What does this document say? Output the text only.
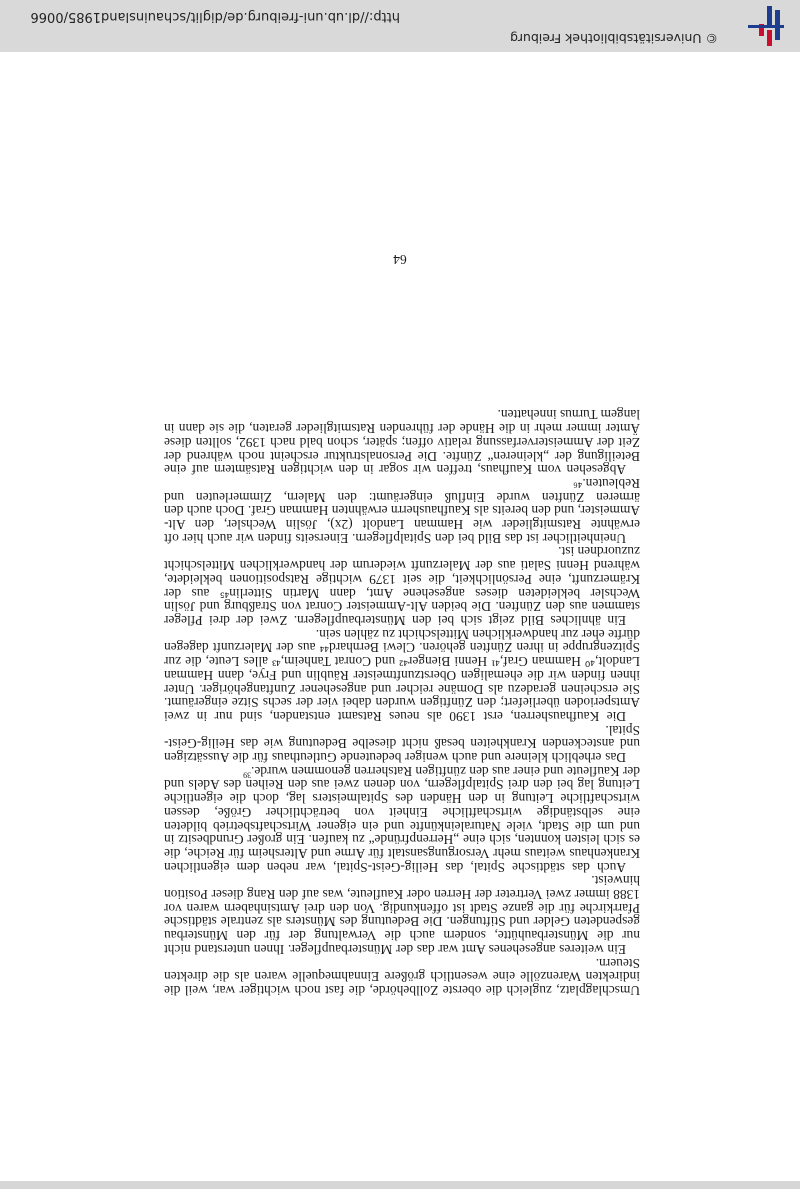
Umschlagplatz, zugleich die oberste Zollbehörde, die fast noch wichtiger war, weil die indirekten Warenzölle eine wesentlich größere Einnahmequelle waren als die direkten Steuern.

Ein weiteres angesehenes Amt war das der Münsterbaupfleger. Ihnen unterstand nicht nur die Münsterbauhütte, sondern auch die Verwaltung der für den Münsterbau gespendeten Gelder und Stiftungen. Die Bedeutung des Münsters als zentrale städtische Pfarrkirche für die ganze Stadt ist offenkundig. Von den drei Amtsinhabern waren vor 1388 immer zwei Vertreter der Herren oder Kaufleute, was auf den Rang dieser Position hinweist.

Auch das städtische Spital, das Heilig-Geist-Spital, war neben dem eigentlichen Krankenhaus weitaus mehr Versorgungsanstalt für Arme und Altersheim für Reiche, die es sich leisten konnten, sich eine „Herrenpfründe“ zu kaufen. Ein großer Grundbesitz in und um die Stadt, viele Naturaleinkünfte und ein eigener Wirtschaftsbetrieb bildeten eine selbständige wirtschaftliche Einheit von beträchtlicher Größe, dessen wirtschaftliche Leitung in den Händen des Spitalmeisters lag, doch die eigentliche Leitung lag bei den drei Spitalpflegern, von denen zwei aus den Reihen des Adels und der Kaufleute und einer aus den zünftigen Ratsherren genommen wurde.$^{39}$

Das erheblich kleinere und auch weniger bedeutende Gutleuthaus für die Aussätzigen und ansteckenden Krankheiten besaß nicht dieselbe Bedeutung wie das Heilig-Geist-Spital.

Die Kaufhausherren, erst 1390 als neues Ratsamt entstanden, sind nur in zwei Amtsperioden überliefert; den Zünftigen wurden dabei vier der sechs Sitze eingeräumt. Sie erscheinen geradezu als Domäne reicher und angesehener Zunftangehöriger. Unter ihnen finden wir die ehemaligen Oberstzunftmeister Räublin und Frye, dann Hamman Landolt,⁴⁰ Hamman Graf,⁴¹ Henni Bienger⁴² und Conrat Tanheim,⁴³ alles Leute, die zur Spitzengruppe in ihren Zünften gehören. Clewi Bernhard⁴⁴ aus der Malerzunft dagegen dürfte eher zur handwerklichen Mittelschicht zu zählen sein.

Ein ähnliches Bild zeigt sich bei den Münsterbaupflegern. Zwei der drei Pfleger stammen aus den Zünften. Die beiden Alt-Ammeister Conrat von Straßburg und Jöslin Wechsler bekleideten dieses angesehene Amt, dann Martin Sitterlin⁴⁵ aus der Krämerzunft, eine Persönlichkeit, die seit 1379 wichtige Ratspositionen bekleidete, während Henni Salati aus der Malerzunft wiederum der handwerklichen Mittelschicht zuzuordnen ist.

Uneinheitlicher ist das Bild bei den Spitalpflegern. Einerseits finden wir auch hier oft erwähnte Ratsmitglieder wie Hamman Landolt (2x), Jöslin Wechsler, den Alt-Ammeister, und den bereits als Kaufhausherrn erwähnten Hamman Graf. Doch auch den ärmeren Zünften wurde Einfluß eingeräumt: den Malern, Zimmerleuten und Rebleuten.⁴⁶

Abgesehen vom Kaufhaus, treffen wir sogar in den wichtigen Ratsämtern auf eine Beteiligung der „kleineren“ Zünfte. Die Personalstruktur erscheint noch während der Zeit der Ammeisterverfassung relativ offen; später, schon bald nach 1392, sollten diese Ämter immer mehr in die Hände der führenden Ratsmitglieder geraten, die sie dann in langem Turnus innehatten.

64
© Universitätsbibliothek Freiburg
http://dl.ub.uni-freiburg.de/diglit/schauinsland1985/0066
